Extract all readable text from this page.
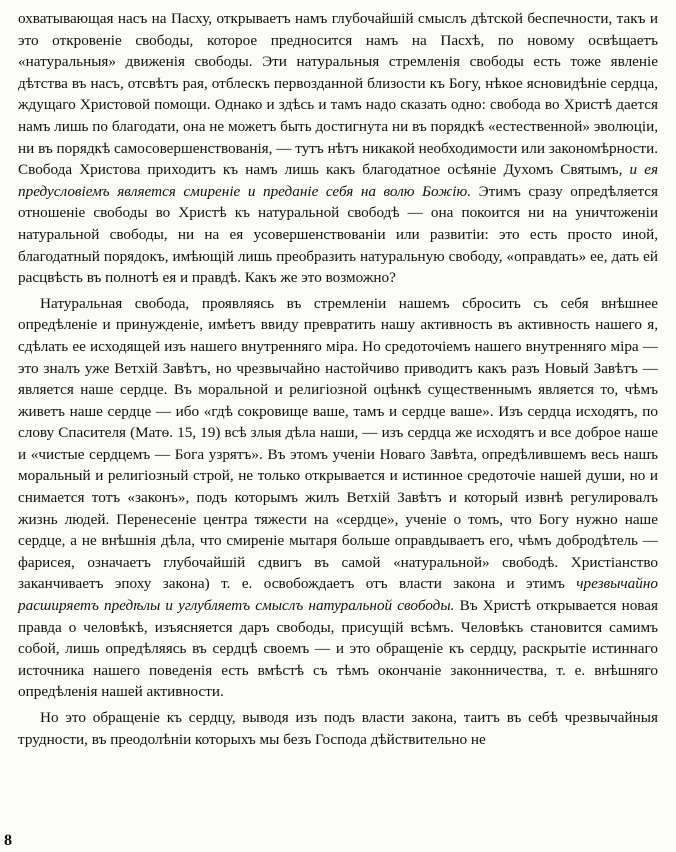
охватывающая насъ на Пасху, открываетъ намъ глубочайшій смыслъ дѣтской беспечности, такъ и это откровеніе свободы, которое предносится намъ на Пасхѣ, по новому освѣщаетъ «натуральныя» движенія свободы. Эти натуральныя стремленія свободы есть тоже явленіе дѣтства въ насъ, отсвѣтъ рая, отблескъ первозданной близости къ Богу, нѣкое ясновидѣніе сердца, ждущаго Христовой помощи. Однако и здѣсь и тамъ надо сказать одно: свобода во Христѣ дается намъ лишь по благодати, она не можетъ быть достигнута ни въ порядкѣ «естественной» эволюціи, ни въ порядкѣ самосовершенствованія, — тутъ нѣтъ никакой необходимости или закономѣрности. Свобода Христова приходитъ къ намъ лишь какъ благодатное осѣяніе Духомъ Святымъ, и ея предусловіемъ является смиреніе и преданіе себя на волю Божію. Этимъ сразу опредѣляется отношеніе свободы во Христѣ къ натуральной свободѣ — она покоится ни на уничтоженіи натуральной свободы, ни на ея усовершенствованіи или развитіи: это есть просто иной, благодатный порядокъ, имѣющій лишь преобразить натуральную свободу, «оправдать» ее, дать ей расцвѣсть въ полнотѣ ея и правдѣ. Какъ же это возможно?

Натуральная свобода, проявляясь въ стремленіи нашемъ сбросить съ себя внѣшнее опредѣленіе и принужденіе, имѣетъ ввиду превратить нашу активность въ активность нашего я, сдѣлать ее исходящей изъ нашего внутренняго міра. Но средоточіемъ нашего внутренняго міра — это зналъ уже Ветхій Завѣтъ, но чрезвычайно настойчиво приводитъ какъ разъ Новый Завѣтъ — является наше сердце. Въ моральной и религіозной оцѣнкѣ существеннымъ является то, чѣмъ живетъ наше сердце — ибо «гдѣ сокровище ваше, тамъ и сердце ваше». Изъ сердца исходятъ, по слову Спасителя (Матѳ. 15, 19) всѣ злыя дѣла наши, — изъ сердца же исходятъ и все доброе наше и «чистые сердцемъ — Бога узрятъ». Въ этомъ ученіи Новаго Завѣта, опредѣлившемъ весь нашъ моральный и религіозный строй, не только открывается и истинное средоточіе нашей души, но и снимается тотъ «законъ», подъ которымъ жилъ Ветхій Завѣтъ и который извнѣ регулировалъ жизнь людей. Перенесеніе центра тяжести на «сердце», ученіе о томъ, что Богу нужно наше сердце, а не внѣшнія дѣла, что смиреніе мытаря больше оправдываетъ его, чѣмъ добродѣтель — фарисея, означаетъ глубочайшій сдвигъ въ самой «натуральной» свободѣ. Христіанство заканчиваетъ эпоху закона) т. е. освобождаетъ отъ власти закона и этимъ чрезвычайно расширяетъ предѣлы и углубляетъ смыслъ натуральной свободы. Въ Христѣ открывается новая правда о человѣкѣ, изъясняется даръ свободы, присущій всѣмъ. Человѣкъ становится самимъ собой, лишь опредѣляясь въ сердцѣ своемъ — и это обращеніе къ сердцу, раскрытіе истиннаго источника нашего поведенія есть вмѣстѣ съ тѣмъ окончаніе законничества, т. е. внѣшняго опредѣленія нашей активности.

Но это обращеніе къ сердцу, выводя изъ подъ власти закона, таитъ въ себѣ чрезвычайныя трудности, въ преодолѣніи которыхъ мы безъ Господа дѣйствительно не

8
